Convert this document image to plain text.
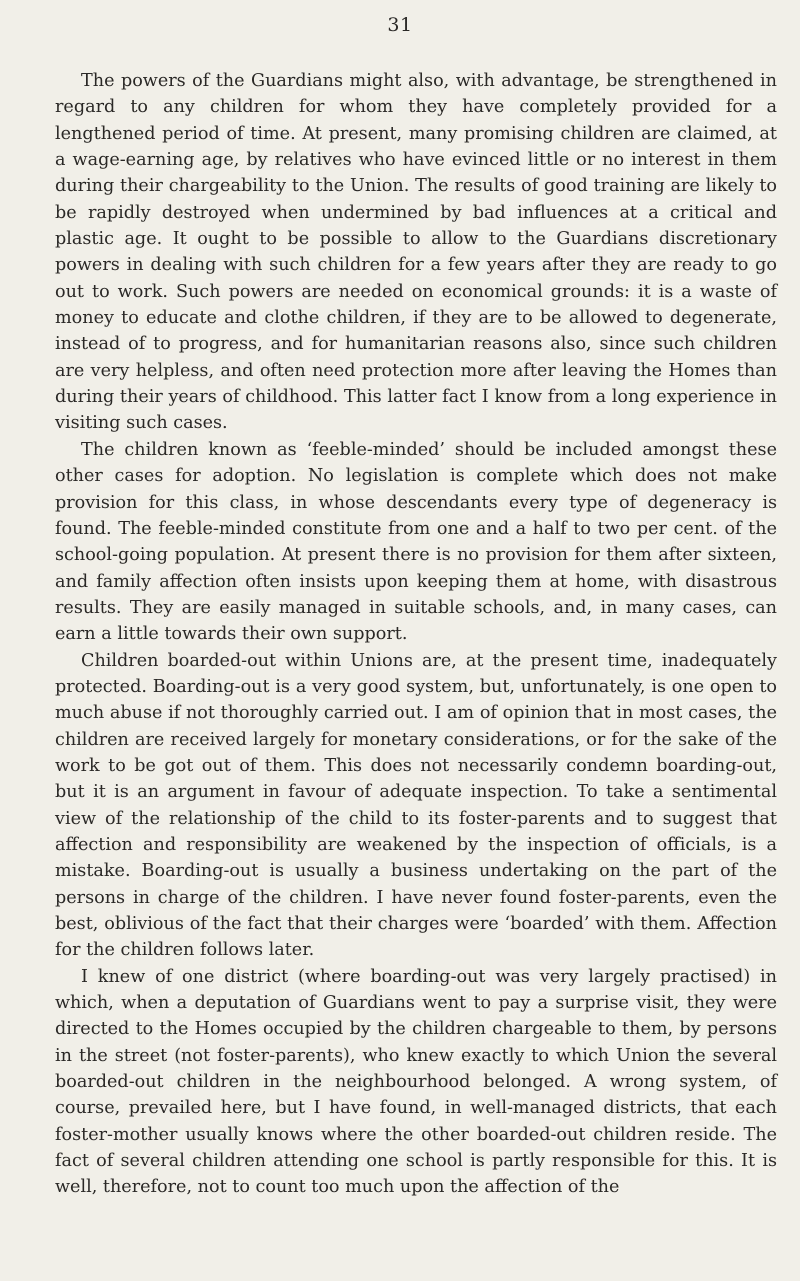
31

The powers of the Guardians might also, with advantage, be strengthened in regard to any children for whom they have completely provided for a lengthened period of time. At present, many promising children are claimed, at a wage-earning age, by relatives who have evinced little or no interest in them during their chargeability to the Union. The results of good training are likely to be rapidly destroyed when undermined by bad influences at a critical and plastic age. It ought to be possible to allow to the Guardians discretionary powers in dealing with such children for a few years after they are ready to go out to work. Such powers are needed on economical grounds: it is a waste of money to educate and clothe children, if they are to be allowed to degenerate, instead of to progress, and for humanitarian reasons also, since such children are very helpless, and often need protection more after leaving the Homes than during their years of childhood. This latter fact I know from a long experience in visiting such cases.

The children known as ‘feeble-minded’ should be included amongst these other cases for adoption. No legislation is complete which does not make provision for this class, in whose descendants every type of degeneracy is found. The feeble-minded constitute from one and a half to two per cent. of the school-going population. At present there is no provision for them after sixteen, and family affection often insists upon keeping them at home, with disastrous results. They are easily managed in suitable schools, and, in many cases, can earn a little towards their own support.

Children boarded-out within Unions are, at the present time, inadequately protected. Boarding-out is a very good system, but, unfortunately, is one open to much abuse if not thoroughly carried out. I am of opinion that in most cases, the children are received largely for monetary considerations, or for the sake of the work to be got out of them. This does not necessarily condemn boarding-out, but it is an argument in favour of adequate inspection. To take a sentimental view of the relationship of the child to its foster-parents and to suggest that affection and responsibility are weakened by the inspection of officials, is a mistake. Boarding-out is usually a business undertaking on the part of the persons in charge of the children. I have never found foster-parents, even the best, oblivious of the fact that their charges were ‘boarded’ with them. Affection for the children follows later.

I knew of one district (where boarding-out was very largely practised) in which, when a deputation of Guardians went to pay a surprise visit, they were directed to the Homes occupied by the children chargeable to them, by persons in the street (not foster-parents), who knew exactly to which Union the several boarded-out children in the neighbourhood belonged. A wrong system, of course, prevailed here, but I have found, in well-managed districts, that each foster-mother usually knows where the other boarded-out children reside. The fact of several children attending one school is partly responsible for this. It is well, therefore, not to count too much upon the affection of the
